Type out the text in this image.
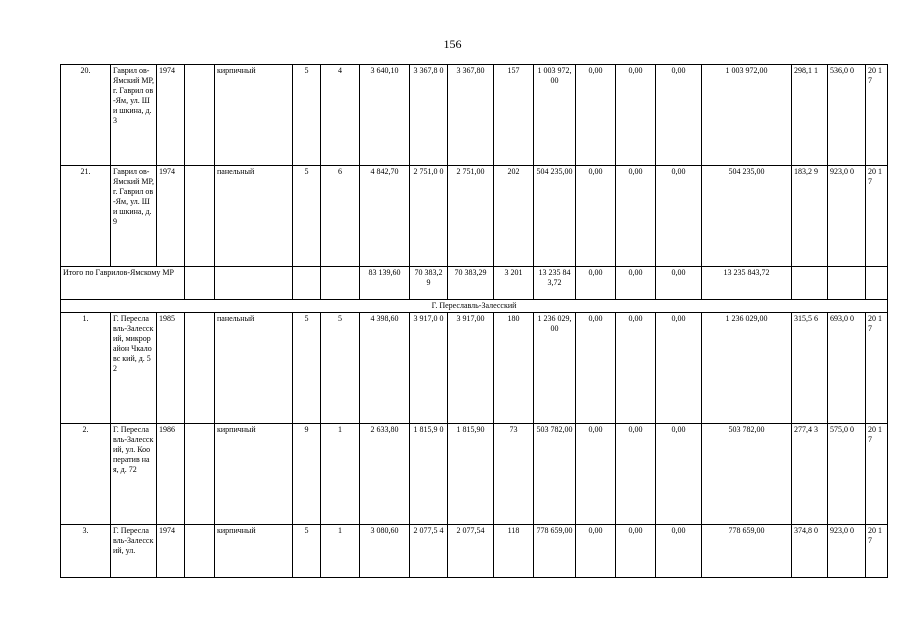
156
20.	Гаврил ов-Ямский МР, г. Гаврил ов-Ям, ул. Ши шкина, д. 3	1974		кирпичный	5	4	3 640,10	3 367,8 0	3 367,80	157	1 003 972,00	0,00	0,00	0,00	1 003 972,00	298,1 1	536,0 0	20 17
21.	Гаврил ов-Ямский МР, г. Гаврил ов-Ям, ул. Ши шкина, д. 9	1974		панельный	5	6	4 842,70	2 751,0 0	2 751,00	202	504 235,00	0,00	0,00	0,00	504 235,00	183,2 9	923,0 0	20 17
Итого по Гаврилов-Ямскому МР							83 139,60	70 383,2 9	70 383,29	3 201	13 235 843,72	0,00	0,00	0,00	13 235 843,72			
Г. Переславль-Залесский																		
1.	Г. Пересла вль-Залесск ий, микрор айон Чкаловс кий, д. 52	1985		панельный	5	5	4 398,60	3 917,0 0	3 917,00	180	1 236 029,00	0,00	0,00	0,00	1 236 029,00	315,5 6	693,0 0	20 17
2.	Г. Пересла вль-Залесск ий, ул. Коо ператив ная, д. 72	1986		кирпичный	9	1	2 633,80	1 815,9 0	1 815,90	73	503 782,00	0,00	0,00	0,00	503 782,00	277,4 3	575,0 0	20 17
3.	Г. Пересла вль-Залесск ий, ул.	1974		кирпичный	5	1	3 080,60	2 077,5 4	2 077,54	118	778 659,00	0,00	0,00	0,00	778 659,00	374,8 0	923,0 0	20 17
